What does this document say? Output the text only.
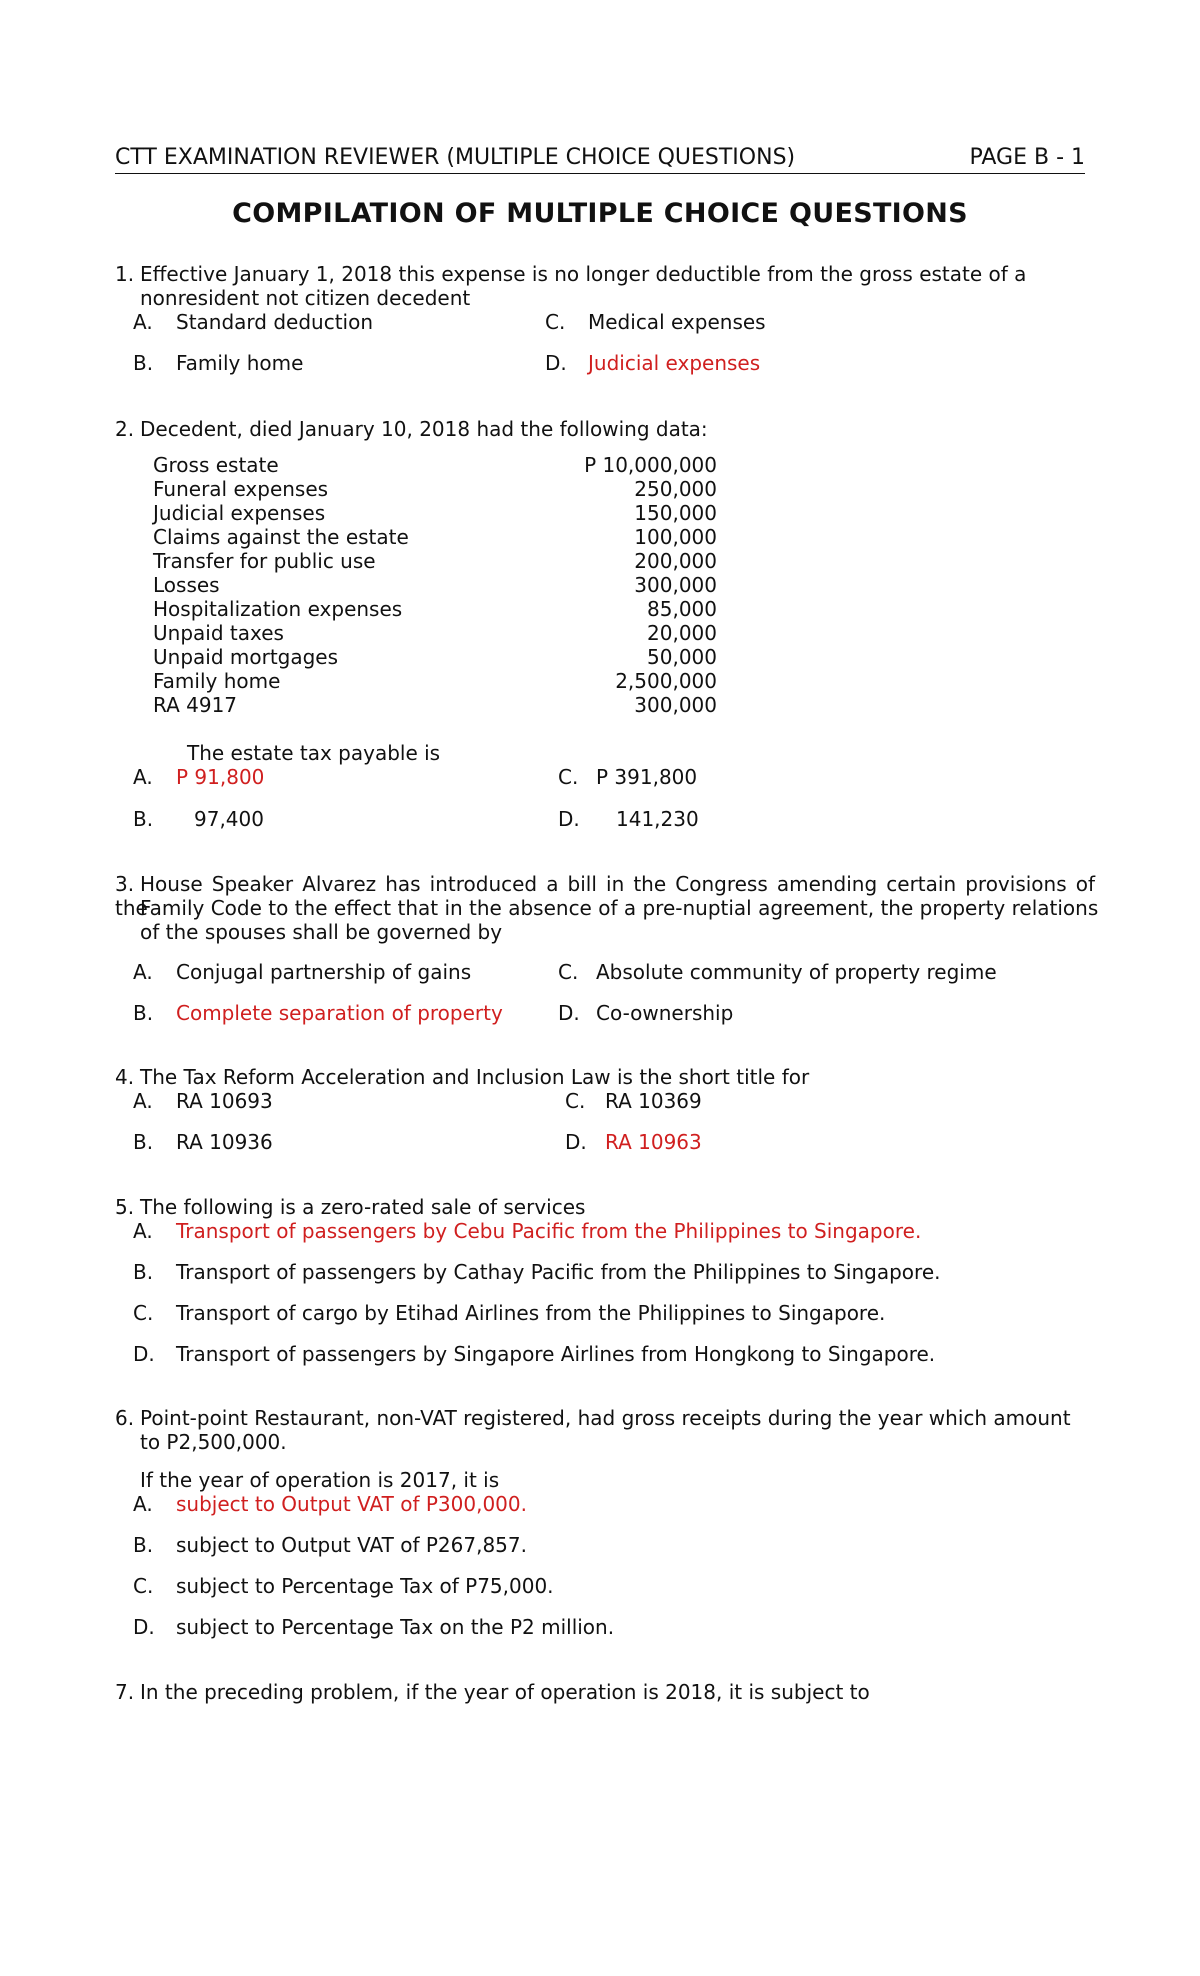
CTT EXAMINATION REVIEWER (MULTIPLE CHOICE QUESTIONS)	PAGE B - 1
COMPILATION OF MULTIPLE CHOICE QUESTIONS
1. Effective January 1, 2018 this expense is no longer deductible from the gross estate of a
nonresident not citizen decedent
A. Standard deduction	C. Medical expenses
B. Family home	D. Judicial expenses
2. Decedent, died January 10, 2018 had the following data:
Gross estate	P 10,000,000
Funeral expenses	250,000
Judicial expenses	150,000
Claims against the estate	100,000
Transfer for public use	200,000
Losses	300,000
Hospitalization expenses	85,000
Unpaid taxes	20,000
Unpaid mortgages	50,000
Family home	2,500,000
RA 4917	300,000
The estate tax payable is
A. P 91,800	C. P 391,800
B. 97,400	D. 141,230
3. House Speaker Alvarez has introduced a bill in the Congress amending certain provisions of the
Family Code to the effect that in the absence of a pre-nuptial agreement, the property relations
of the spouses shall be governed by
A. Conjugal partnership of gains	C. Absolute community of property regime
B. Complete separation of property	D. Co-ownership
4. The Tax Reform Acceleration and Inclusion Law is the short title for
A. RA 10693	C. RA 10369
B. RA 10936	D. RA 10963
5. The following is a zero-rated sale of services
A. Transport of passengers by Cebu Pacific from the Philippines to Singapore.
B. Transport of passengers by Cathay Pacific from the Philippines to Singapore.
C. Transport of cargo by Etihad Airlines from the Philippines to Singapore.
D. Transport of passengers by Singapore Airlines from Hongkong to Singapore.
6. Point-point Restaurant, non-VAT registered, had gross receipts during the year which amount
to P2,500,000.
If the year of operation is 2017, it is
A. subject to Output VAT of P300,000.
B. subject to Output VAT of P267,857.
C. subject to Percentage Tax of P75,000.
D. subject to Percentage Tax on the P2 million.
7. In the preceding problem, if the year of operation is 2018, it is subject to
